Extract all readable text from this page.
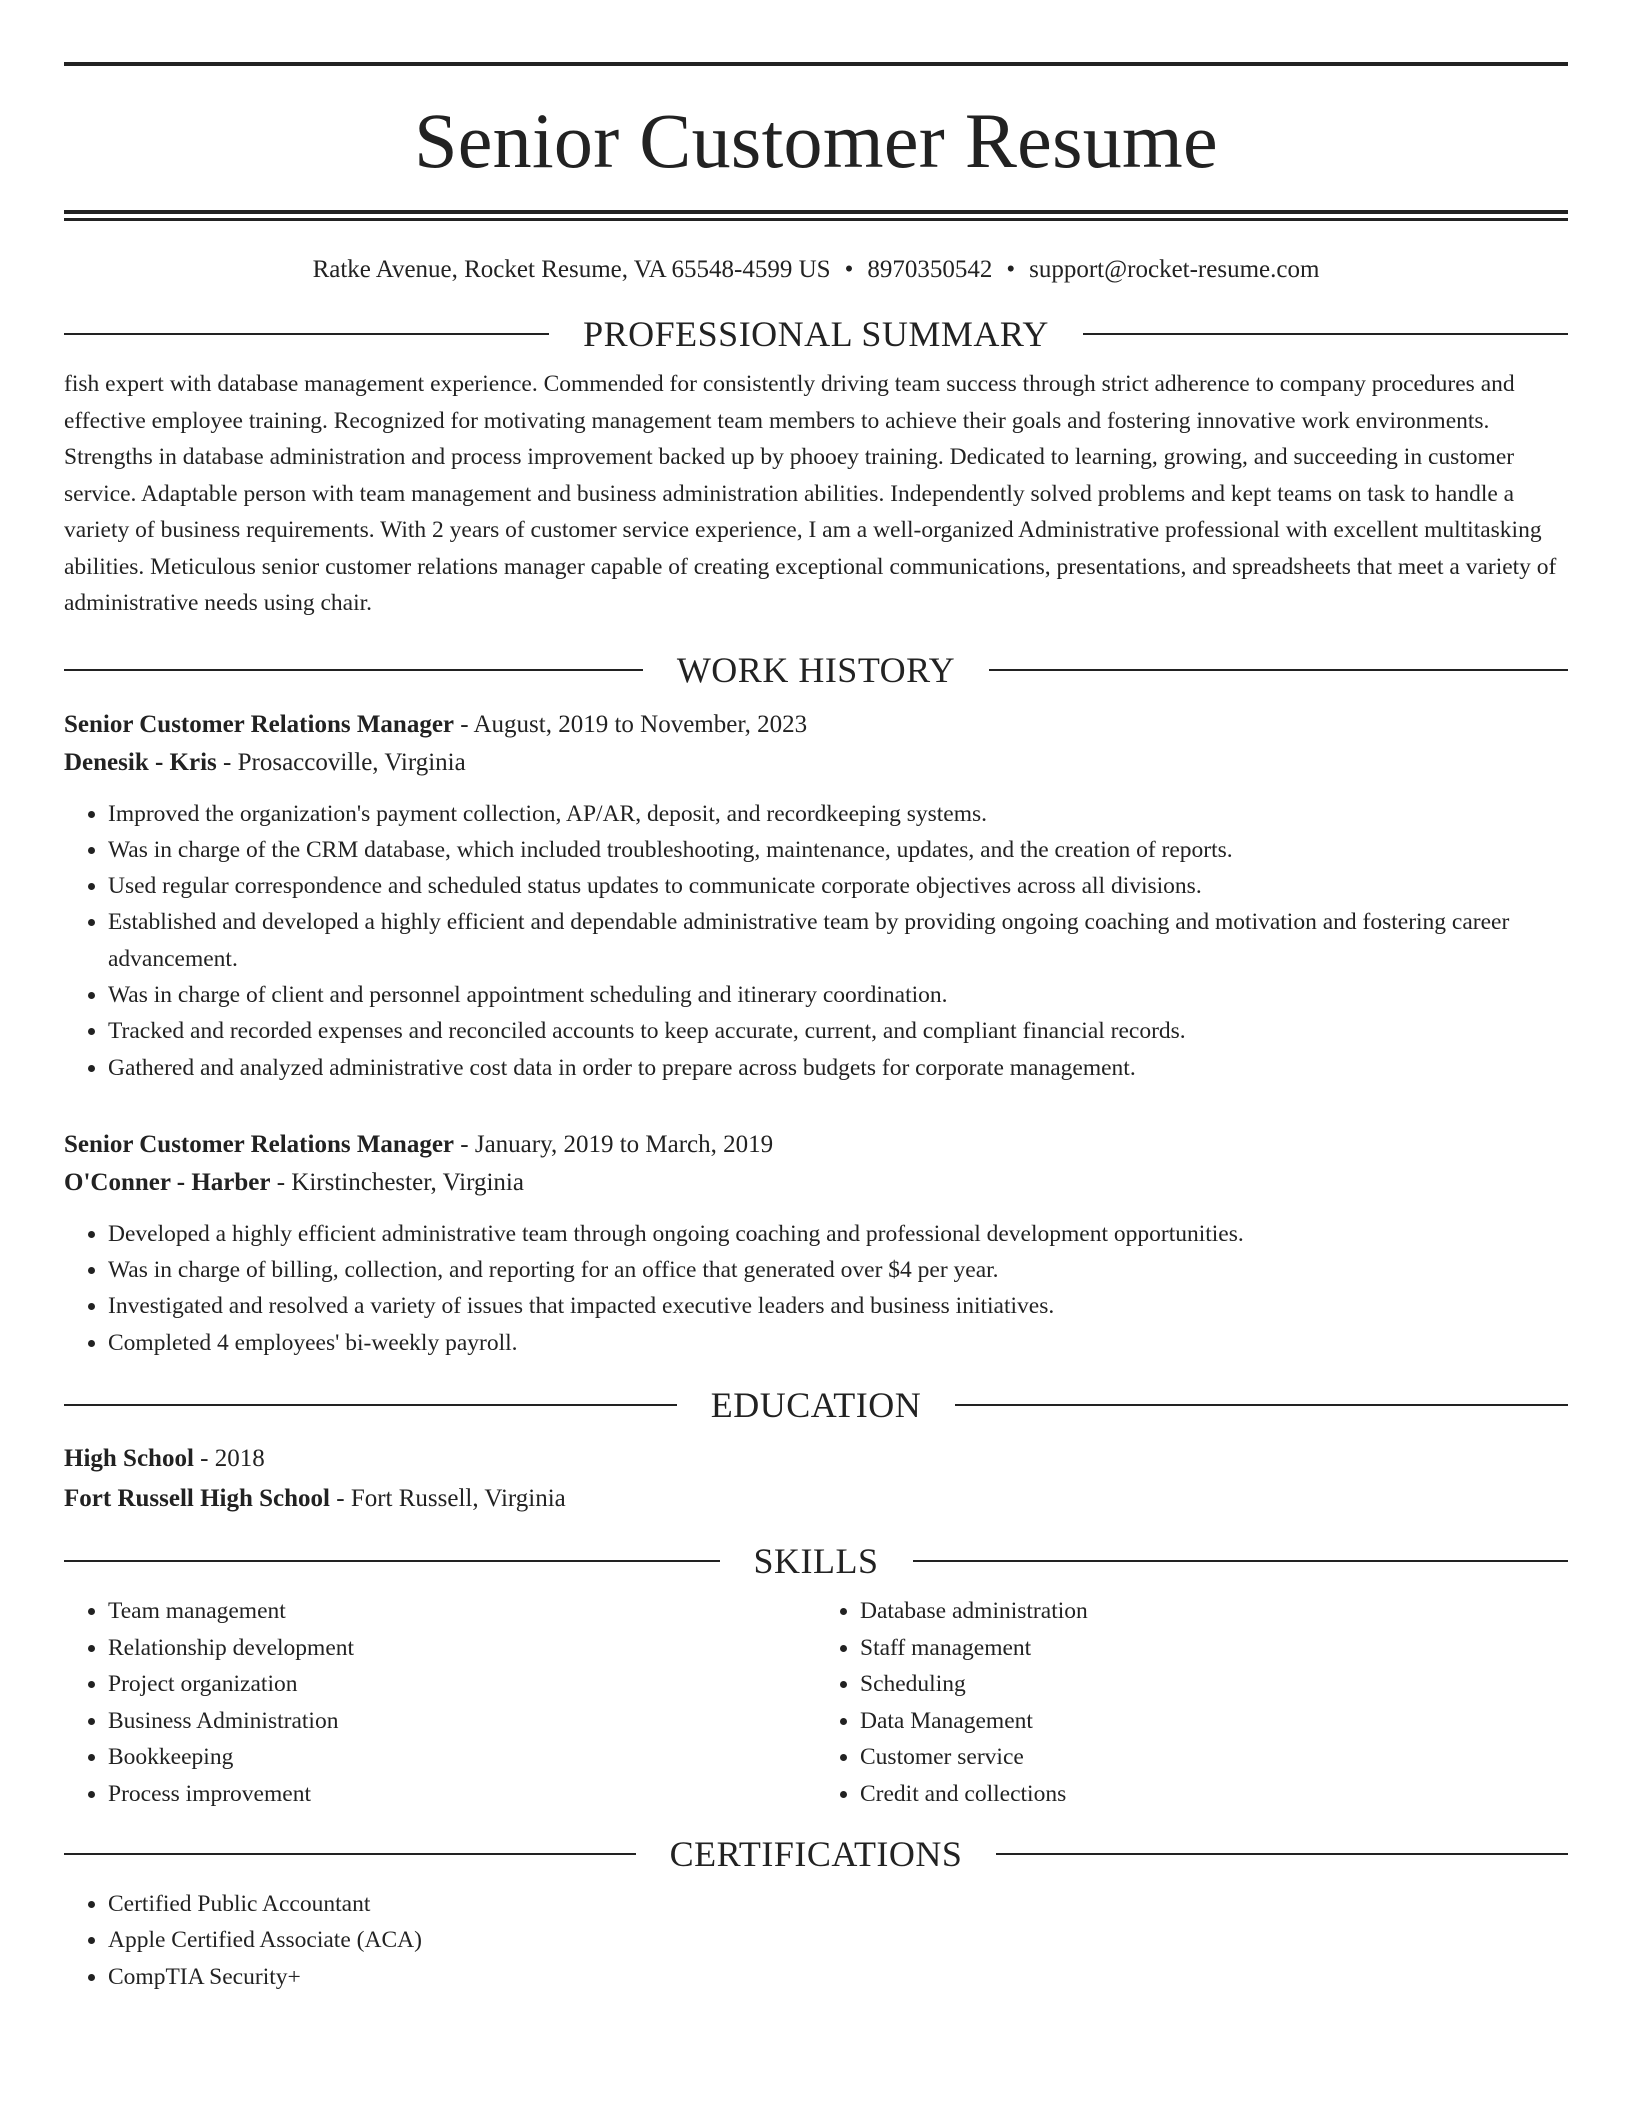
Senior Customer Resume
Ratke Avenue, Rocket Resume, VA 65548-4599 US • 8970350542 • support@rocket-resume.com
PROFESSIONAL SUMMARY

fish expert with database management experience. Commended for consistently driving team success through strict adherence to company procedures and effective employee training. Recognized for motivating management team members to achieve their goals and fostering innovative work environments. Strengths in database administration and process improvement backed up by phooey training. Dedicated to learning, growing, and succeeding in customer service. Adaptable person with team management and business administration abilities. Independently solved problems and kept teams on task to handle a variety of business requirements. With 2 years of customer service experience, I am a well-organized Administrative professional with excellent multitasking abilities. Meticulous senior customer relations manager capable of creating exceptional communications, presentations, and spreadsheets that meet a variety of administrative needs using chair.

WORK HISTORY

Senior Customer Relations Manager - August, 2019 to November, 2023

Denesik - Kris - Prosaccoville, Virginia

• Improved the organization's payment collection, AP/AR, deposit, and recordkeeping systems.
• Was in charge of the CRM database, which included troubleshooting, maintenance, updates, and the creation of reports.
• Used regular correspondence and scheduled status updates to communicate corporate objectives across all divisions.
• Established and developed a highly efficient and dependable administrative team by providing ongoing coaching and motivation and fostering career advancement.
• Was in charge of client and personnel appointment scheduling and itinerary coordination.
• Tracked and recorded expenses and reconciled accounts to keep accurate, current, and compliant financial records.
• Gathered and analyzed administrative cost data in order to prepare across budgets for corporate management.

Senior Customer Relations Manager - January, 2019 to March, 2019

O'Conner - Harber - Kirstinchester, Virginia

• Developed a highly efficient administrative team through ongoing coaching and professional development opportunities.
• Was in charge of billing, collection, and reporting for an office that generated over $4 per year.
• Investigated and resolved a variety of issues that impacted executive leaders and business initiatives.
• Completed 4 employees' bi-weekly payroll.
EDUCATION

High School - 2018

Fort Russell High School - Fort Russell, Virginia

SKILLS
• Team management
• Relationship development
• Project organization
• Business Administration
• Bookkeeping
• Process improvement
• Database administration
• Staff management
• Scheduling
• Data Management
• Customer service
• Credit and collections
CERTIFICATIONS
• Certified Public Accountant
• Apple Certified Associate (ACA)
• CompTIA Security+
